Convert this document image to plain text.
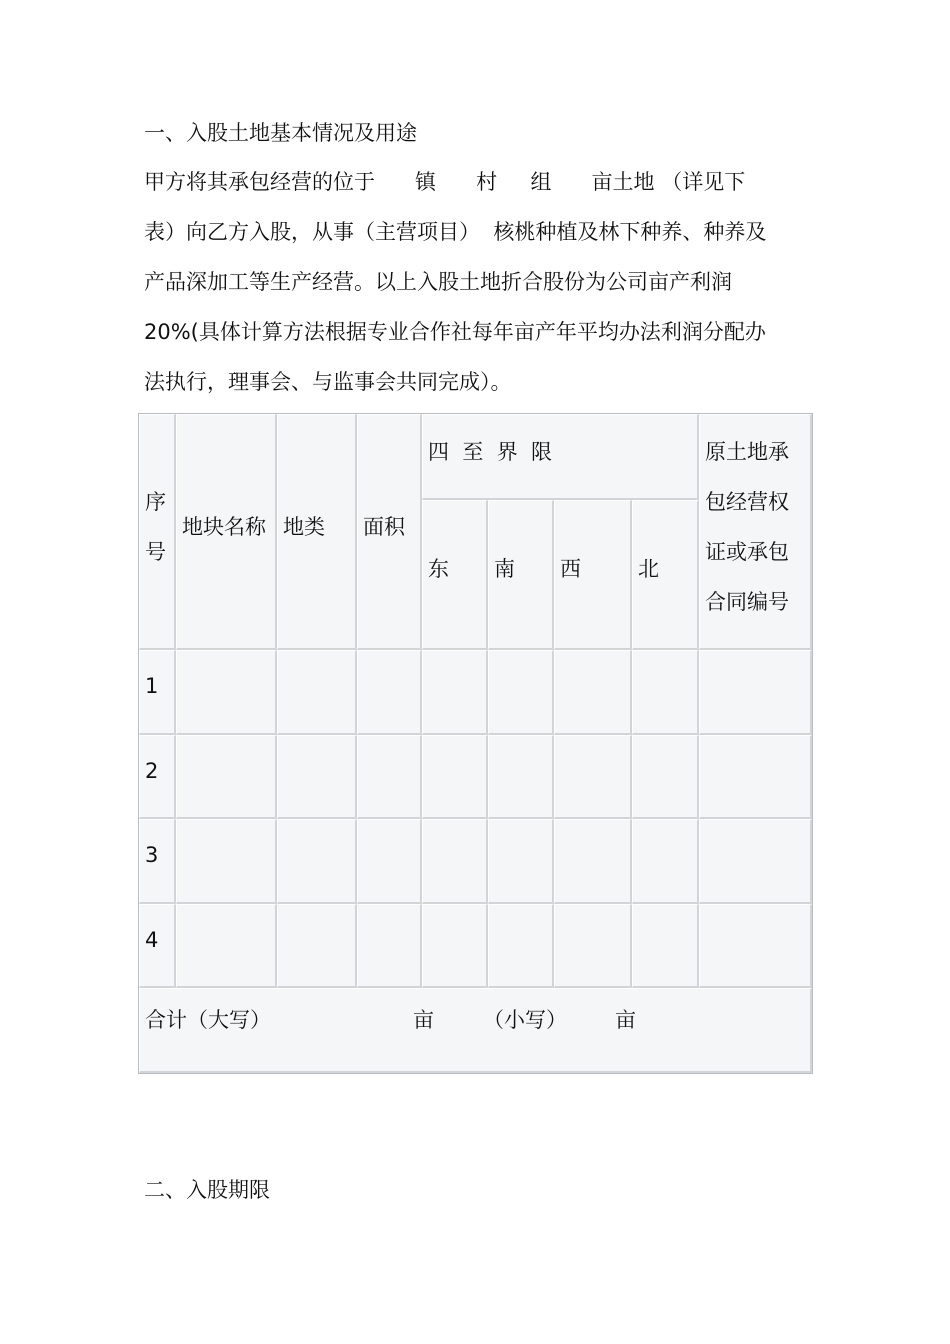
一、入股土地基本情况及用途
甲方将其承包经营的位于      镇      村     组      亩土地 （详见下
表）向乙方入股，从事（主营项目）  核桃种植及林下种养、种养及
产品深加工等生产经营。以上入股土地折合股份为公司亩产利润
20%(具体计算方法根据专业合作社每年亩产年平均办法利润分配办
法执行，理事会、与监事会共同完成）。
序
号
地块名称 地类 面积
四  至  界  限
东 南 西	北
原土地承
包经营权
证或承包
合同编号
1
2
3
4
合计（大写）	亩 （小写） 亩
二、入股期限
